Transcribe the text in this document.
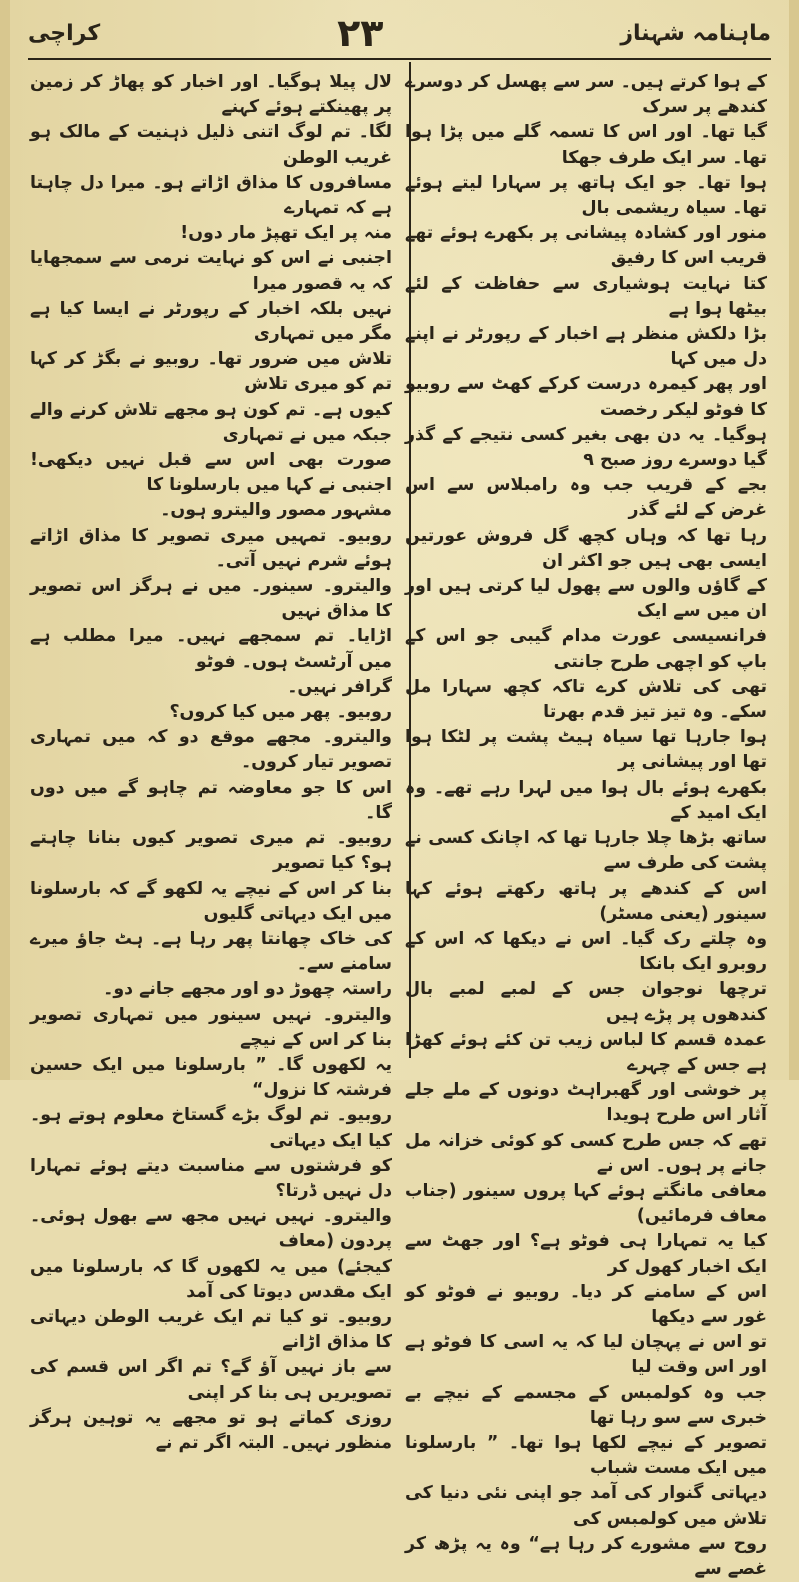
کراچی	٢٣	ماہنامہ شہناز

کے ہوا کرتے ہیں۔ سر سے پھسل کر دوسرے کندھے پر سرک

گیا تھا۔ اور اس کا تسمہ گلے میں پڑا ہوا تھا۔ سر ایک طرف جھکا

ہوا تھا۔ جو ایک ہاتھ پر سہارا لیتے ہوئے تھا۔ سیاہ ریشمی بال

منور اور کشادہ پیشانی پر بکھرے ہوئے تھے قریب اس کا رفیق

کتا نہایت ہوشیاری سے حفاظت کے لئے بیٹھا ہوا ہے

بڑا دلکش منظر ہے اخبار کے رپورٹر نے اپنے دل میں کہا

اور پھر کیمرہ درست کرکے کھٹ سے روبیو کا فوٹو لیکر رخصت

ہوگیا۔ یہ دن بھی بغیر کسی نتیجے کے گذر گیا دوسرے روز صبح ۹

بجے کے قریب جب وہ رامبلاس سے اس غرض کے لئے گذر

رہا تھا کہ وہاں کچھ گل فروش عورتیں ایسی بھی ہیں جو اکثر ان

کے گاؤں والوں سے پھول لیا کرتی ہیں اور ان میں سے ایک

فرانسیسی عورت مدام گیبی جو اس کے باپ کو اچھی طرح جانتی

تھی کی تلاش کرے تاکہ کچھ سہارا مل سکے۔ وہ تیز تیز قدم بھرتا

ہوا جارہا تھا سیاہ ہیٹ پشت پر لٹکا ہوا تھا اور پیشانی پر

بکھرے ہوئے بال ہوا میں لہرا رہے تھے۔ وہ ایک امید کے

ساتھ بڑھا چلا جارہا تھا کہ اچانک کسی نے پشت کی طرف سے

اس کے کندھے پر ہاتھ رکھتے ہوئے کہا سینور (یعنی مسٹر)

وہ چلتے رک گیا۔ اس نے دیکھا کہ اس کے روبرو ایک بانکا

ترچھا نوجوان جس کے لمبے لمبے بال کندھوں پر پڑے ہیں

عمدہ قسم کا لباس زیب تن کئے ہوئے کھڑا ہے جس کے چہرے

پر خوشی اور گھبراہٹ دونوں کے ملے جلے آثار اس طرح ہویدا

تھے کہ جس طرح کسی کو کوئی خزانہ مل جانے پر ہوں۔ اس نے

معافی مانگتے ہوئے کہا پروں سینور (جناب معاف فرمائیں)

کیا یہ تمہارا ہی فوٹو ہے؟ اور جھٹ سے ایک اخبار کھول کر

اس کے سامنے کر دیا۔ روبیو نے فوٹو کو غور سے دیکھا

تو اس نے پہچان لیا کہ یہ اسی کا فوٹو ہے اور اس وقت لیا

جب وہ کولمبس کے مجسمے کے نیچے بے خبری سے سو رہا تھا

تصویر کے نیچے لکھا ہوا تھا۔ ” بارسلونا میں ایک مست شباب

دیہاتی گنوار کی آمد جو اپنی نئی دنیا کی تلاش میں کولمبس کی

روح سے مشورے کر رہا ہے“ وہ یہ پڑھ کر غصے سے

لال پیلا ہوگیا۔ اور اخبار کو پھاڑ کر زمین پر پھینکتے ہوئے کہنے

لگا۔ تم لوگ اتنی ذلیل ذہنیت کے مالک ہو غریب الوطن

مسافروں کا مذاق اڑاتے ہو۔ میرا دل چاہتا ہے کہ تمہارے

منہ پر ایک تھپڑ مار دوں!

اجنبی نے اس کو نہایت نرمی سے سمجھایا کہ یہ قصور میرا

نہیں بلکہ اخبار کے رپورٹر نے ایسا کیا ہے مگر میں تمہاری

تلاش میں ضرور تھا۔ روبیو نے بگڑ کر کہا تم کو میری تلاش

کیوں ہے۔ تم کون ہو مجھے تلاش کرنے والے جبکہ میں نے تمہاری

صورت بھی اس سے قبل نہیں دیکھی! اجنبی نے کہا میں بارسلونا کا

مشہور مصور والیترو ہوں۔

روبیو۔ تمہیں میری تصویر کا مذاق اڑاتے ہوئے شرم نہیں آتی۔

والیترو۔ سینور۔ میں نے ہرگز اس تصویر کا مذاق نہیں

اڑایا۔ تم سمجھے نہیں۔ میرا مطلب ہے میں آرٹسٹ ہوں۔ فوٹو

گرافر نہیں۔

روبیو۔ پھر میں کیا کروں؟

والیترو۔ مجھے موقع دو کہ میں تمہاری تصویر تیار کروں۔

اس کا جو معاوضہ تم چاہو گے میں دوں گا۔

روبیو۔ تم میری تصویر کیوں بنانا چاہتے ہو؟ کیا تصویر

بنا کر اس کے نیچے یہ لکھو گے کہ بارسلونا میں ایک دیہاتی گلیوں

کی خاک چھانتا پھر رہا ہے۔ ہٹ جاؤ میرے سامنے سے۔

راستہ چھوڑ دو اور مجھے جانے دو۔

والیترو۔ نہیں سینور میں تمہاری تصویر بنا کر اس کے نیچے

یہ لکھوں گا۔ ” بارسلونا میں ایک حسین فرشتہ کا نزول“

روبیو۔ تم لوگ بڑے گستاخ معلوم ہوتے ہو۔ کیا ایک دیہاتی

کو فرشتوں سے مناسبت دیتے ہوئے تمہارا دل نہیں ڈرتا؟

والیترو۔ نہیں نہیں مجھ سے بھول ہوئی۔ پردون (معاف

کیجئے) میں یہ لکھوں گا کہ بارسلونا میں ایک مقدس دیوتا کی آمد

روبیو۔ تو کیا تم ایک غریب الوطن دیہاتی کا مذاق اڑانے

سے باز نہیں آؤ گے؟ تم اگر اس قسم کی تصویریں ہی بنا کر اپنی

روزی کماتے ہو تو مجھے یہ توہین ہرگز منظور نہیں۔ البتہ اگر تم نے
